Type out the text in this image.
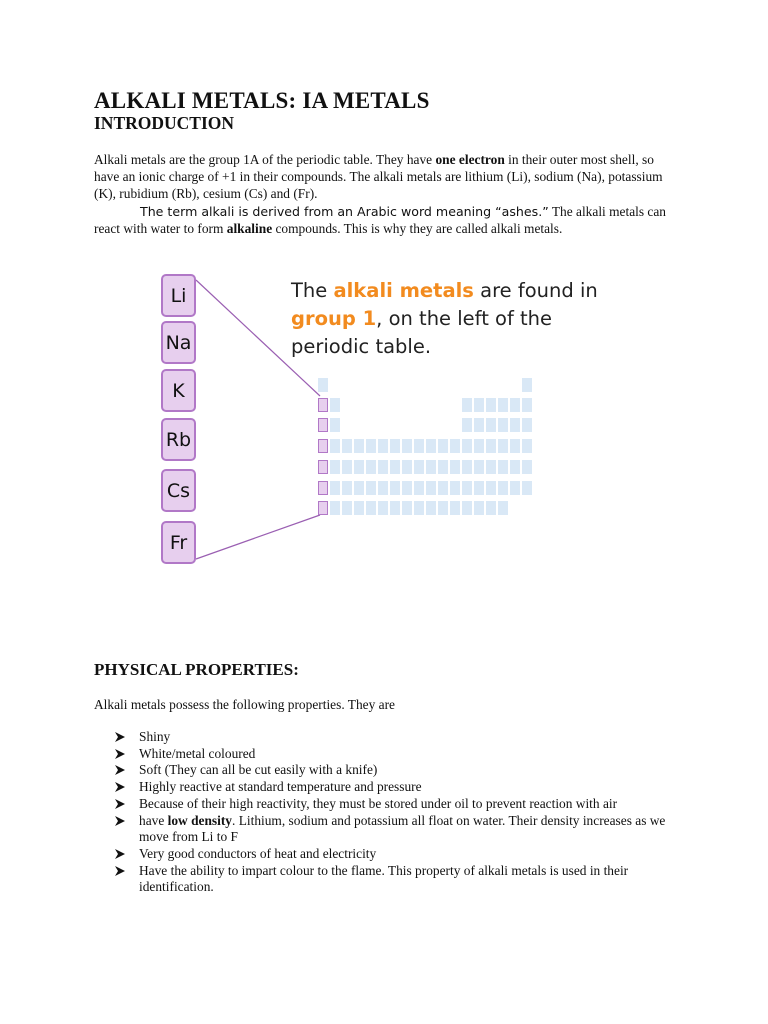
ALKALI METALS: IA METALS
INTRODUCTION

Alkali metals are the group 1A of the periodic table. They have one electron in their outer most shell, so have an ionic charge of +1 in their compounds. The alkali metals are lithium (Li), sodium (Na), potassium (K), rubidium (Rb), cesium (Cs) and (Fr).

The term alkali is derived from an Arabic word meaning “ashes.” The alkali metals can react with water to form alkaline compounds. This is why they are called alkali metals.

Li
Na
K
Rb
Cs
Fr
The alkali metals are found in group 1, on the left of the periodic table.
PHYSICAL PROPERTIES:

Alkali metals possess the following properties. They are

Shiny
White/metal coloured
Soft (They can all be cut easily with a knife)
Highly reactive at standard temperature and pressure
Because of their high reactivity, they must be stored under oil to prevent reaction with air
have low density. Lithium, sodium and potassium all float on water. Their density increases as we move from Li to F
Very good conductors of heat and electricity
Have the ability to impart colour to the flame. This property of alkali metals is used in their identification.
